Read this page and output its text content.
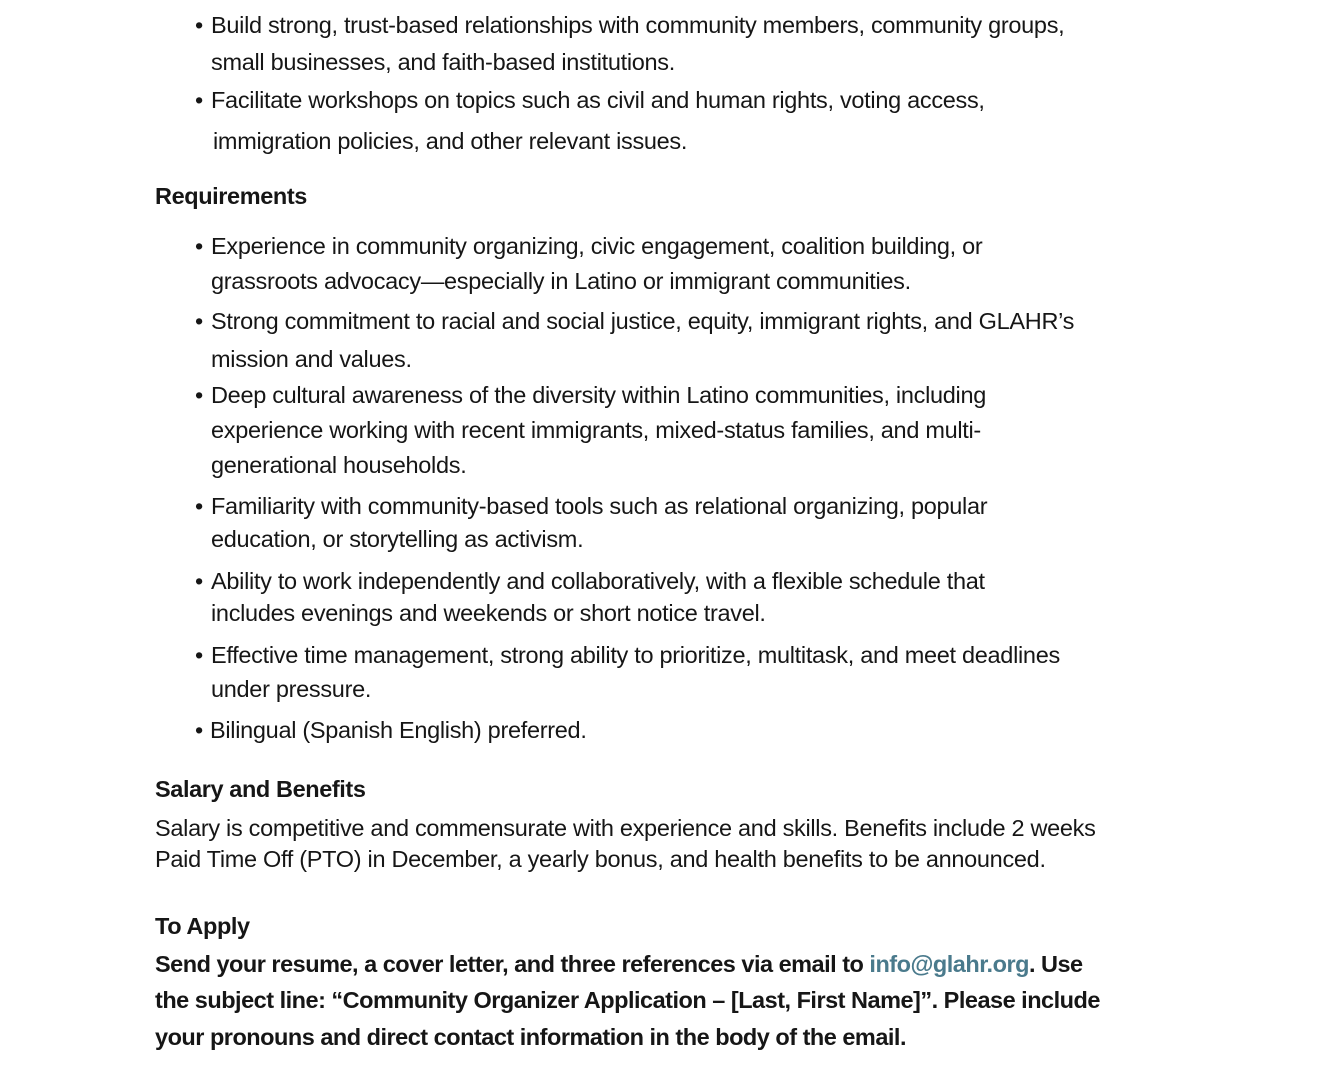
• Build strong, trust-based relationships with community members, community groups,
small businesses, and faith-based institutions.
• Facilitate workshops on topics such as civil and human rights, voting access,
immigration policies, and other relevant issues.
Requirements
• Experience in community organizing, civic engagement, coalition building, or
grassroots advocacy—especially in Latino or immigrant communities.
• Strong commitment to racial and social justice, equity, immigrant rights, and GLAHR’s
mission and values.
• Deep cultural awareness of the diversity within Latino communities, including
experience working with recent immigrants, mixed-status families, and multi-
generational households.
• Familiarity with community-based tools such as relational organizing, popular
education, or storytelling as activism.
• Ability to work independently and collaboratively, with a flexible schedule that
includes evenings and weekends or short notice travel.
• Effective time management, strong ability to prioritize, multitask, and meet deadlines
under pressure.
• Bilingual (Spanish English) preferred.
Salary and Benefits
Salary is competitive and commensurate with experience and skills. Benefits include 2 weeks
Paid Time Off (PTO) in December, a yearly bonus, and health benefits to be announced.
To Apply
Send your resume, a cover letter, and three references via email to info@glahr.org. Use
the subject line: “Community Organizer Application – [Last, First Name]”. Please include
your pronouns and direct contact information in the body of the email.
